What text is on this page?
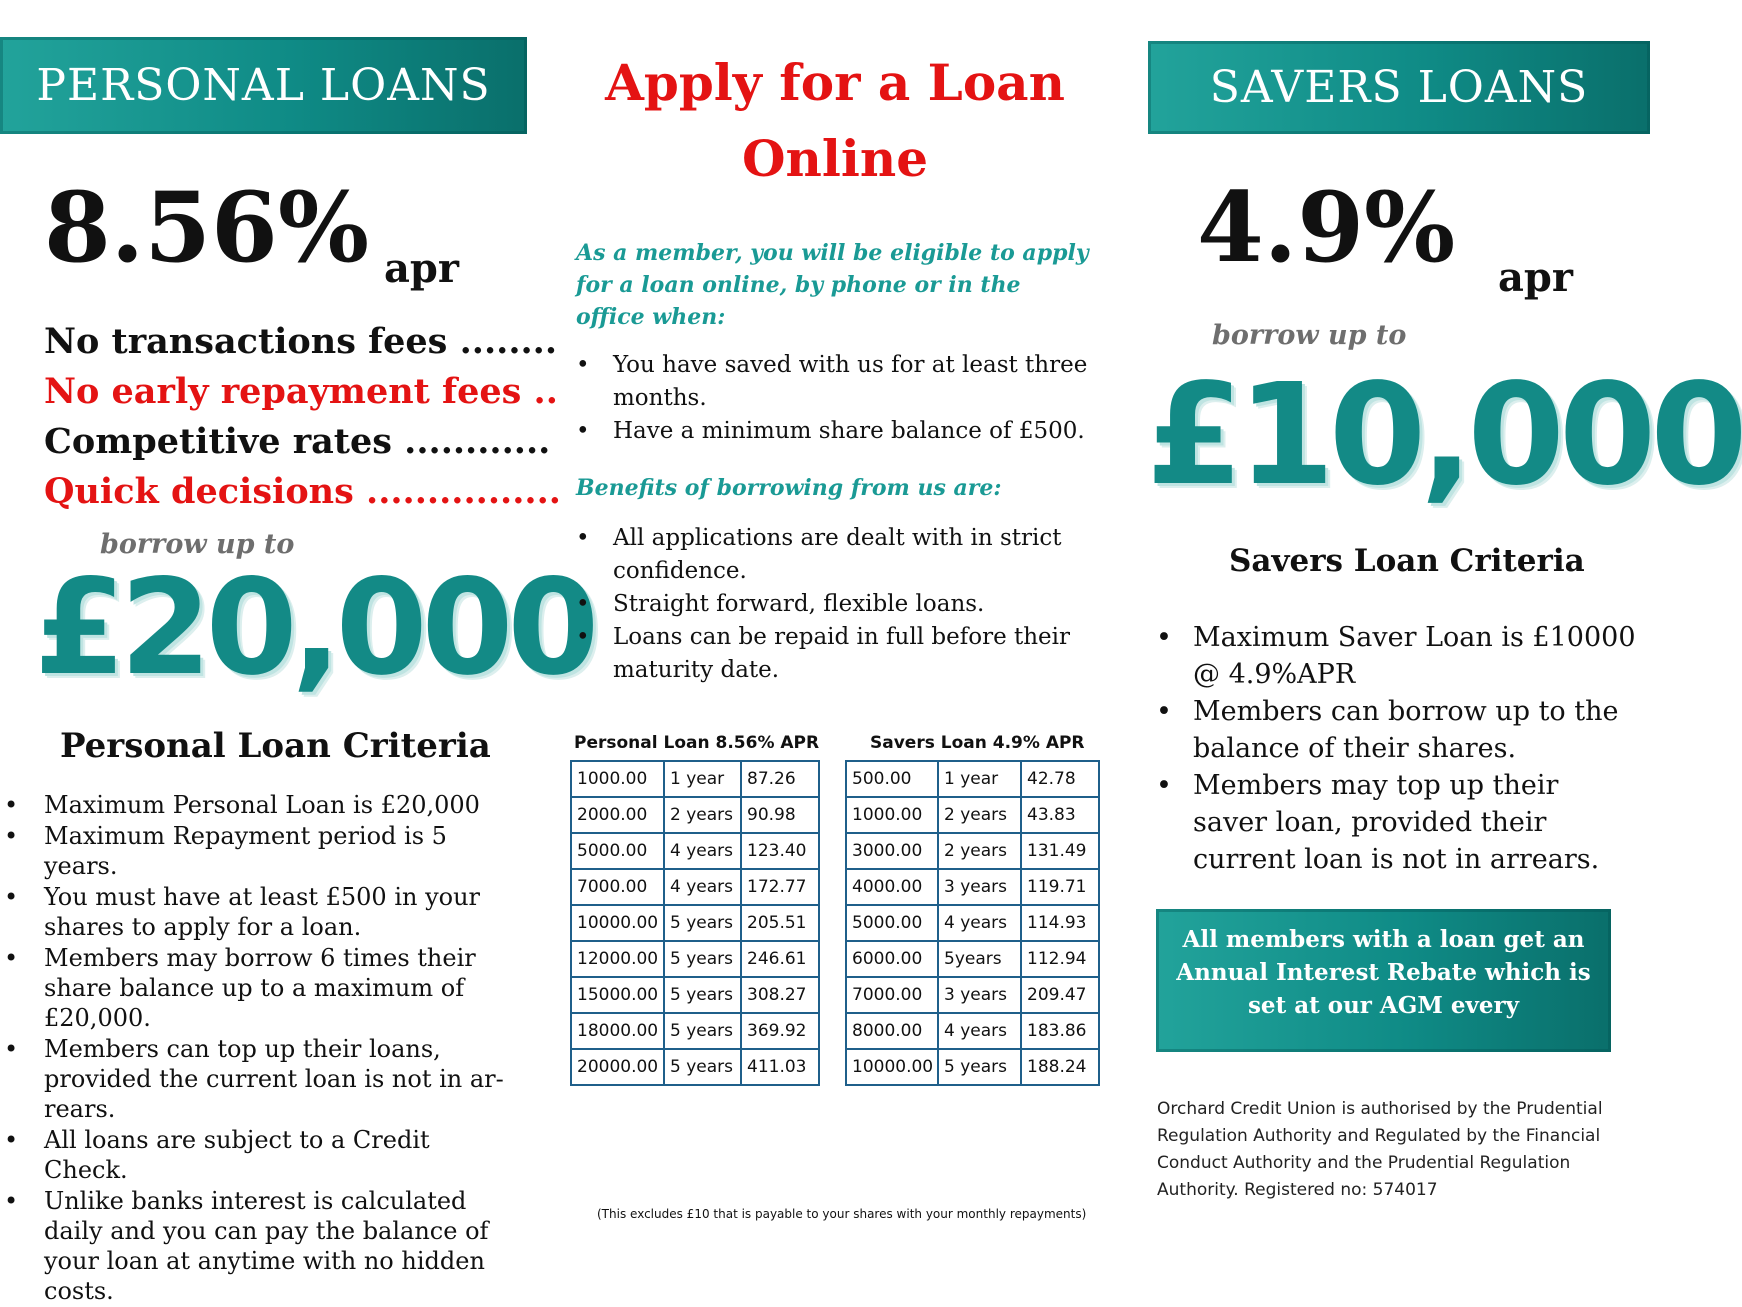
PERSONAL LOANS
8.56% apr
No transactions fees ........
No early repayment fees ..
Competitive rates ............
Quick decisions ................
borrow up to
£20,000
Personal Loan Criteria
• Maximum Personal Loan is £20,000
• Maximum Repayment period is 5 years.
• You must have at least £500 in your shares to apply for a loan.
• Members may borrow 6 times their share balance up to a maximum of £20,000.
• Members can top up their loans, provided the current loan is not in ar-rears.
• All loans are subject to a Credit Check.
• Unlike banks interest is calculated daily and you can pay the balance of your loan at anytime with no hidden costs.
Apply for a Loan
Online
As a member, you will be eligible to apply for a loan online, by phone or in the office when:
• You have saved with us for at least three months.
• Have a minimum share balance of £500.
Benefits of borrowing from us are:
• All applications are dealt with in strict confidence.
• Straight forward, flexible loans.
• Loans can be repaid in full before their maturity date.
Personal Loan 8.56% APR
1000.00	1 year	87.26
2000.00	2 years	90.98
5000.00	4 years	123.40
7000.00	4 years	172.77
10000.00	5 years	205.51
12000.00	5 years	246.61
15000.00	5 years	308.27
18000.00	5 years	369.92
20000.00	5 years	411.03
Savers Loan 4.9% APR
500.00	1 year	42.78
1000.00	2 years	43.83
3000.00	2 years	131.49
4000.00	3 years	119.71
5000.00	4 years	114.93
6000.00	5years	112.94
7000.00	3 years	209.47
8000.00	4 years	183.86
10000.00	5 years	188.24
(This excludes £10 that is payable to your shares with your monthly repayments)
SAVERS LOANS
4.9% apr
borrow up to
£10,000
Savers Loan Criteria
• Maximum Saver Loan is £10000 @ 4.9%APR
• Members can borrow up to the balance of their shares.
• Members may top up their saver loan, provided their current loan is not in arrears.
All members with a loan get an Annual Interest Rebate which is set at our AGM every
Orchard Credit Union is authorised by the Prudential Regulation Authority and Regulated by the Financial Conduct Authority and the Prudential Regulation Authority. Registered no: 574017
